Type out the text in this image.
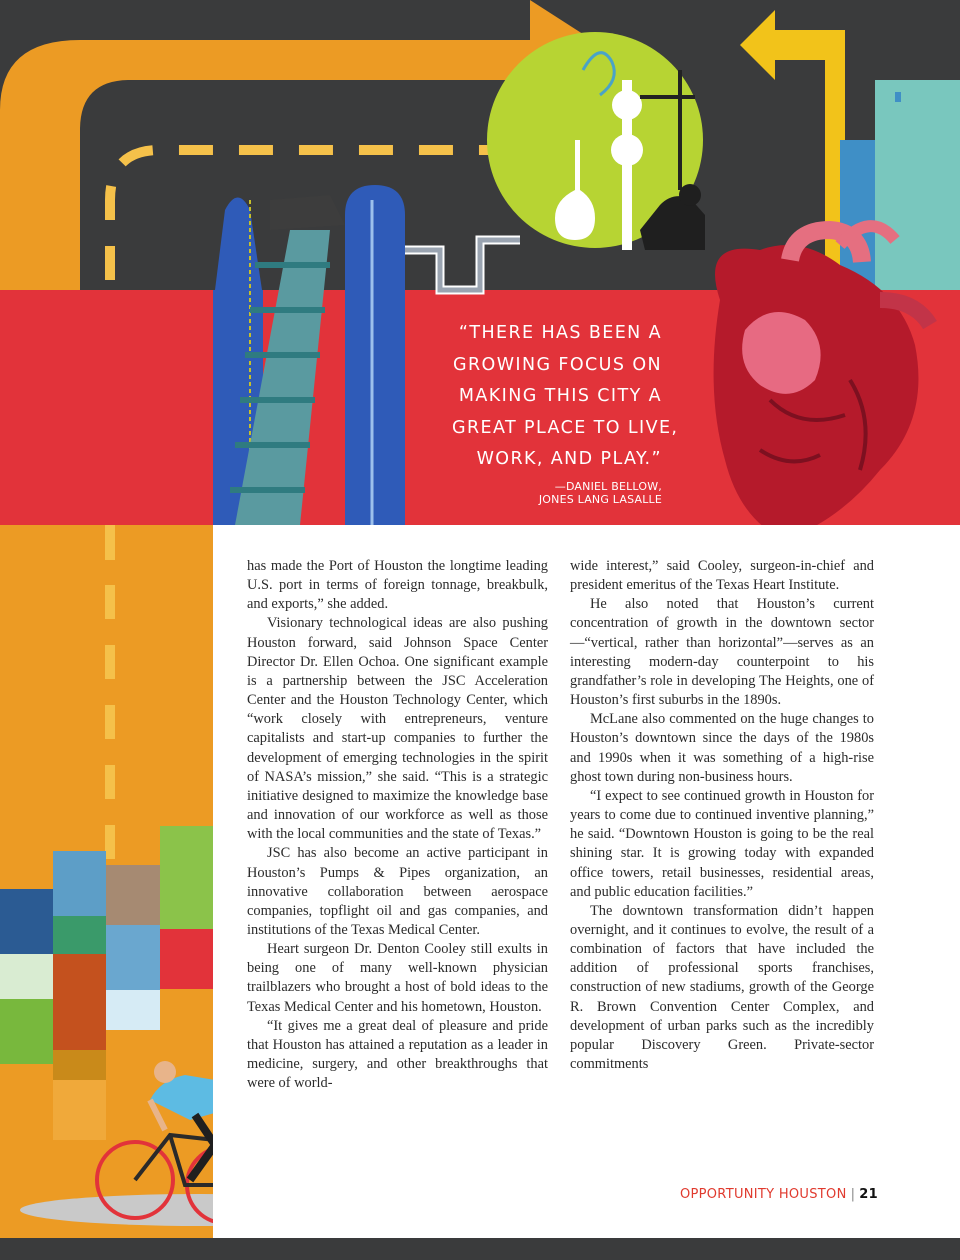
“THERE HAS BEEN A
GROWING FOCUS ON
MAKING THIS CITY A
GREAT PLACE TO LIVE,
WORK, AND PLAY.”
—DANIEL BELLOW,
JONES LANG LASALLE

has made the Port of Houston the longtime leading U.S. port in terms of foreign tonnage, breakbulk, and exports,” she added.

Visionary technological ideas are also pushing Houston forward, said Johnson Space Center Director Dr. Ellen Ochoa. One significant example is a partnership between the JSC Acceleration Center and the Houston Technology Center, which “work closely with entrepreneurs, venture capitalists and start-up companies to further the development of emerging technologies in the spirit of NASA’s mission,” she said. “This is a strategic initiative designed to maximize the knowledge base and innovation of our workforce as well as those with the local communities and the state of Texas.”

JSC has also become an active participant in Houston’s Pumps & Pipes organization, an innovative collaboration between aerospace companies, topflight oil and gas companies, and institutions of the Texas Medical Center.

Heart surgeon Dr. Denton Cooley still exults in being one of many well-known physician trailblazers who brought a host of bold ideas to the Texas Medical Center and his hometown, Houston.

“It gives me a great deal of pleasure and pride that Houston has attained a reputation as a leader in medicine, surgery, and other breakthroughs that were of world-

wide interest,” said Cooley, surgeon-in-chief and president emeritus of the Texas Heart Institute.

He also noted that Houston’s current concentration of growth in the downtown sector—“vertical, rather than horizontal”—serves as an interesting modern-day counterpoint to his grandfather’s role in developing The Heights, one of Houston’s first suburbs in the 1890s.

McLane also commented on the huge changes to Houston’s downtown since the days of the 1980s and 1990s when it was something of a high-rise ghost town during non-business hours.

“I expect to see continued growth in Houston for years to come due to continued inventive planning,” he said. “Downtown Houston is going to be the real shining star. It is growing today with expanded office towers, retail businesses, residential areas, and public education facilities.”

The downtown transformation didn’t happen overnight, and it continues to evolve, the result of a combination of factors that have included the addition of professional sports franchises, construction of new stadiums, growth of the George R. Brown Convention Center Complex, and development of urban parks such as the incredibly popular Discovery Green. Private-sector commitments

OPPORTUNITY HOUSTON | 21
